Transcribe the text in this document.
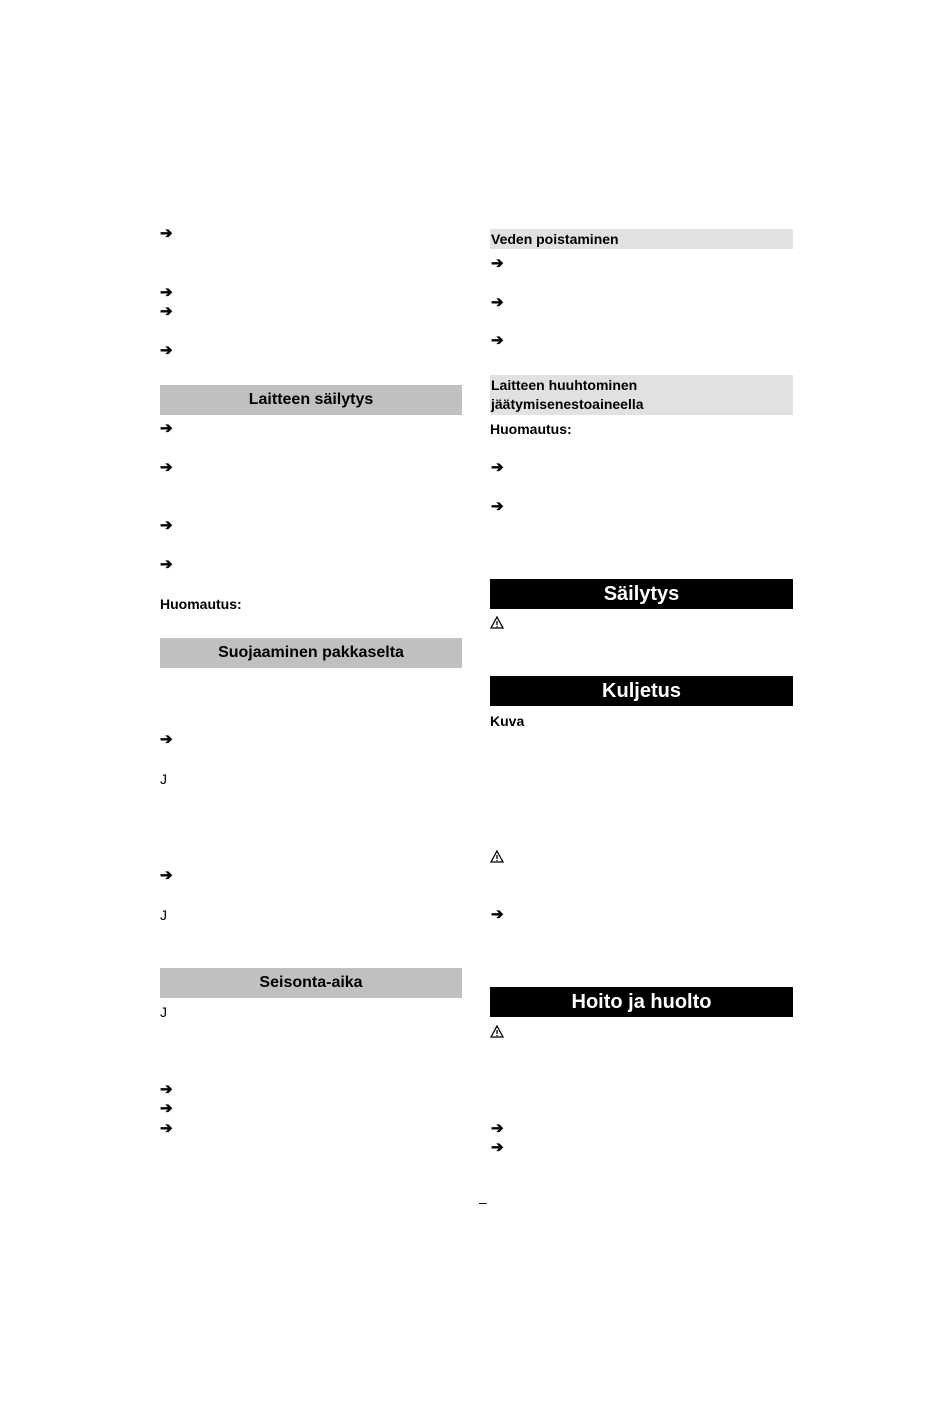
➔
➔
➔
➔
Laitteen säilytys
➔
➔
➔
➔
Huomautus:
Suojaaminen pakkaselta
➔
J
➔
J
Seisonta-aika
J
➔
➔
➔
Veden poistaminen
➔
➔
➔
Laitteen huuhtominen
jäätymisenestoaineella
Huomautus:
➔
➔
Säilytys
Kuljetus
Kuva
➔
Hoito ja huolto
➔
➔
–
